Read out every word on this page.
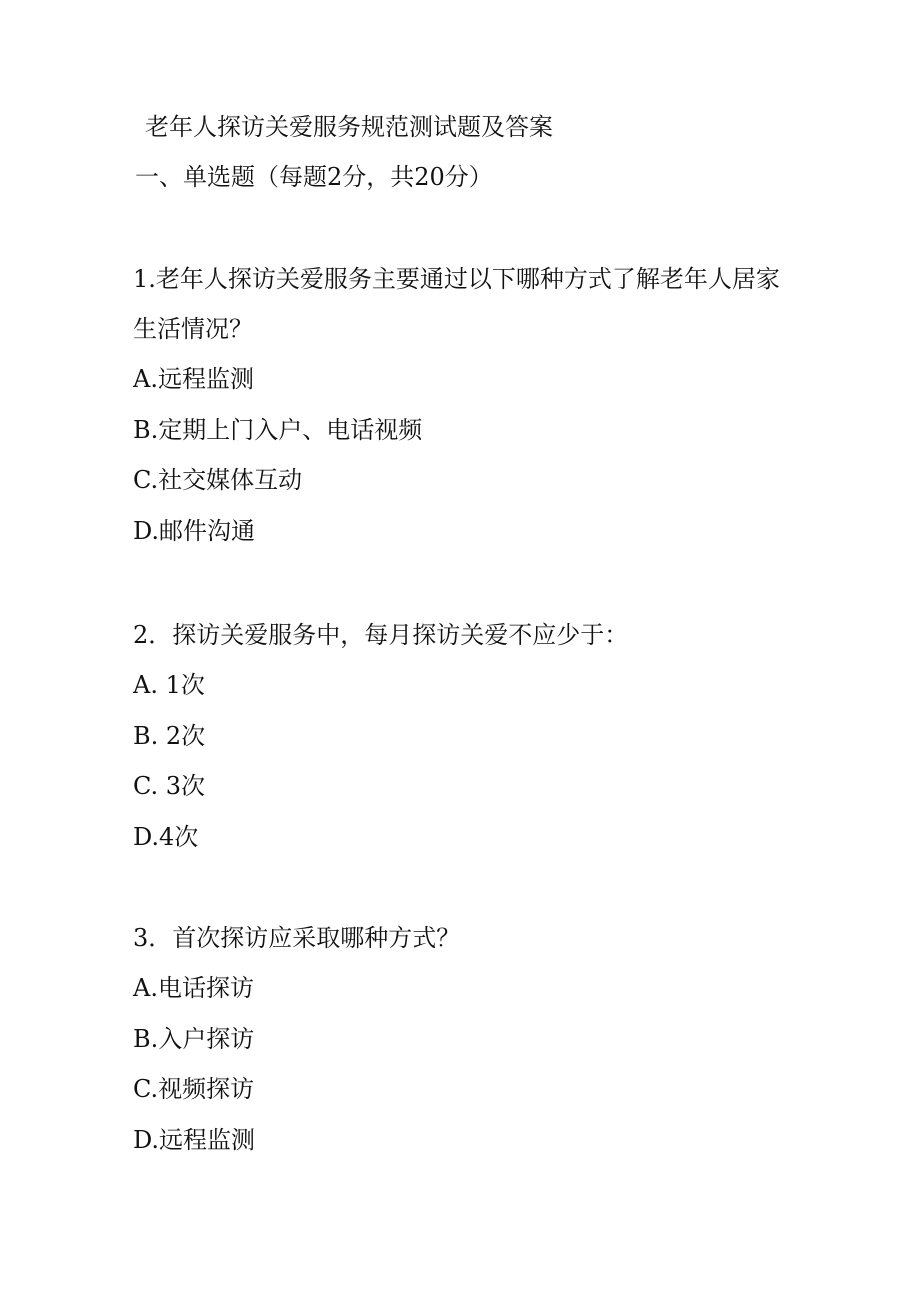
老年人探访关爱服务规范测试题及答案
一、单选题（每题2分，共20分）

1.老年人探访关爱服务主要通过以下哪种方式了解老年人居家生活情况？

A.远程监测
B.定期上门入户、电话视频
C.社交媒体互动
D.邮件沟通

2．探访关爱服务中，每月探访关爱不应少于：

A. 1次
B. 2次
C. 3次
D.4次

3．首次探访应采取哪种方式？

A.电话探访
B.入户探访
C.视频探访
D.远程监测
